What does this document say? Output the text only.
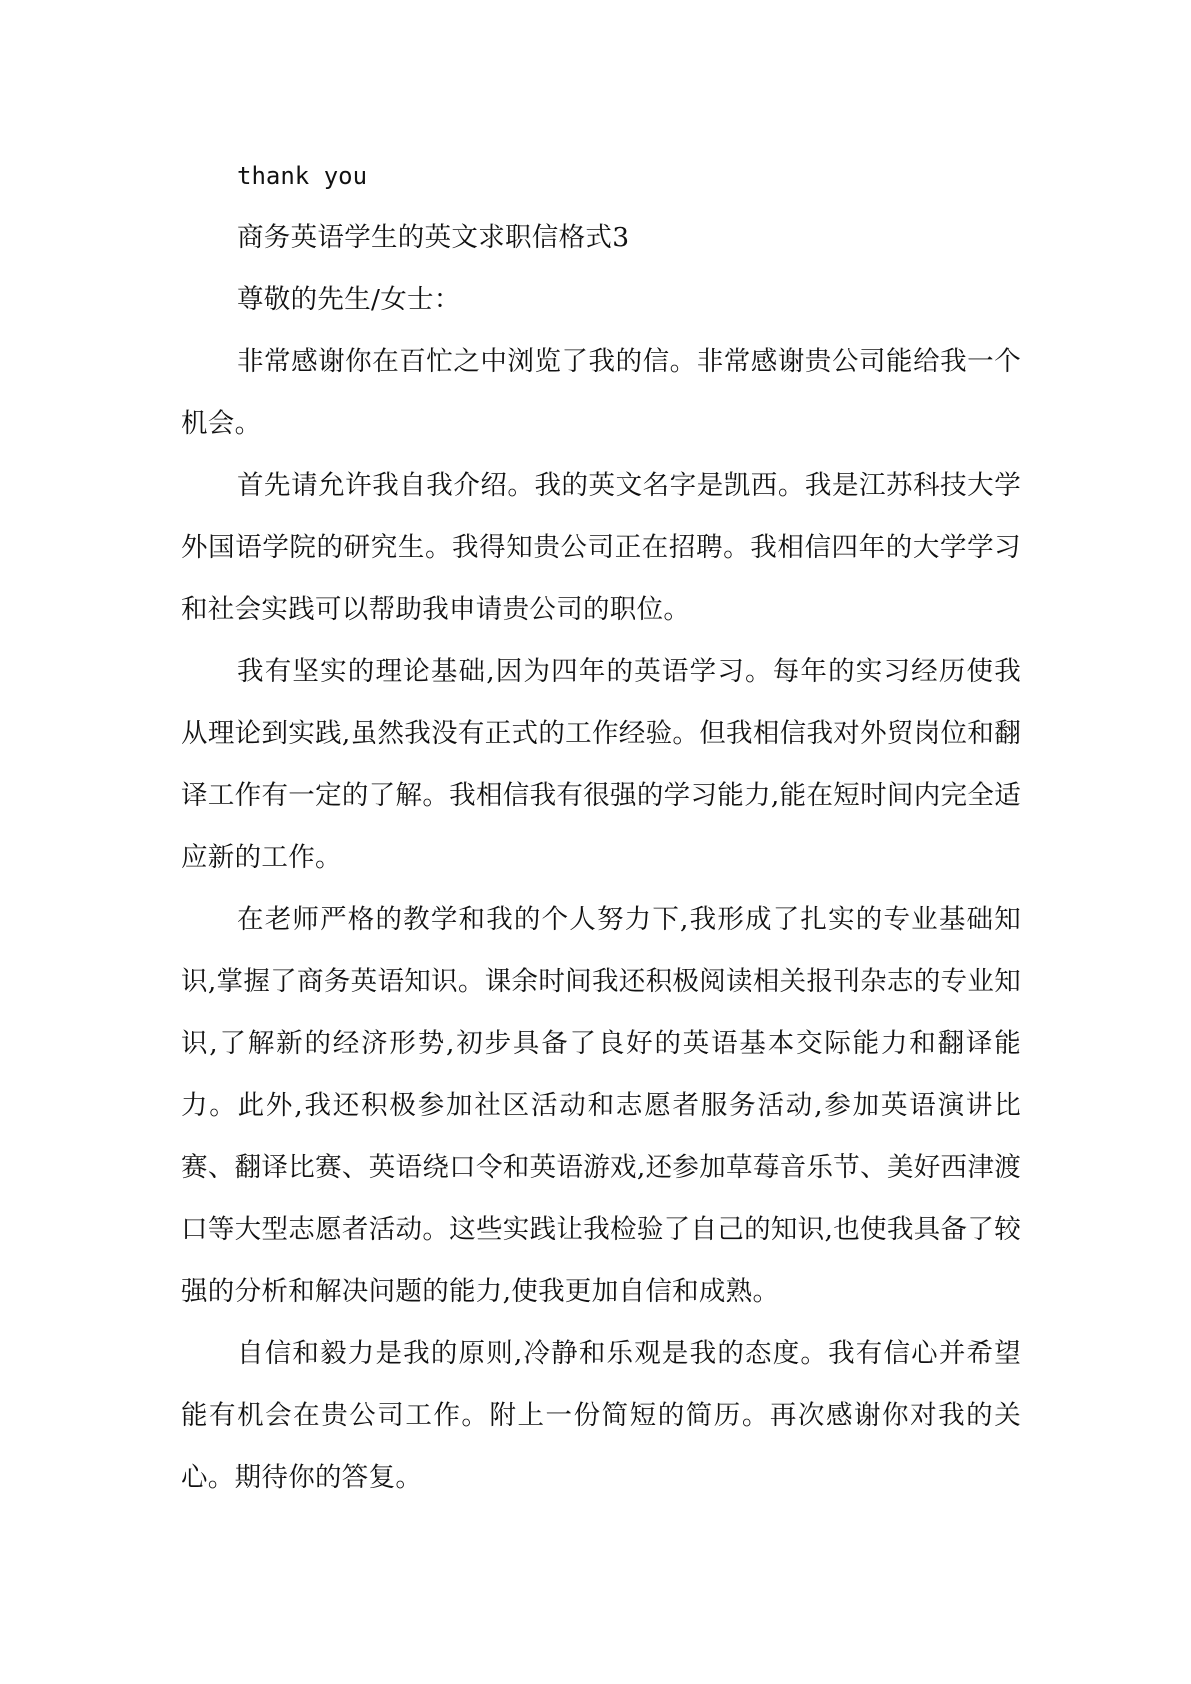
thank you

商务英语学生的英文求职信格式3

尊敬的先生/女士：

非常感谢你在百忙之中浏览了我的信。非常感谢贵公司能给我一个机会。

首先请允许我自我介绍。我的英文名字是凯西。我是江苏科技大学外国语学院的研究生。我得知贵公司正在招聘。我相信四年的大学学习和社会实践可以帮助我申请贵公司的职位。

我有坚实的理论基础,因为四年的英语学习。每年的实习经历使我从理论到实践,虽然我没有正式的工作经验。但我相信我对外贸岗位和翻译工作有一定的了解。我相信我有很强的学习能力,能在短时间内完全适应新的工作。

在老师严格的教学和我的个人努力下,我形成了扎实的专业基础知识,掌握了商务英语知识。课余时间我还积极阅读相关报刊杂志的专业知识,了解新的经济形势,初步具备了良好的英语基本交际能力和翻译能力。此外,我还积极参加社区活动和志愿者服务活动,参加英语演讲比赛、翻译比赛、英语绕口令和英语游戏,还参加草莓音乐节、美好西津渡口等大型志愿者活动。这些实践让我检验了自己的知识,也使我具备了较强的分析和解决问题的能力,使我更加自信和成熟。

自信和毅力是我的原则,冷静和乐观是我的态度。我有信心并希望能有机会在贵公司工作。附上一份简短的简历。再次感谢你对我的关心。期待你的答复。
